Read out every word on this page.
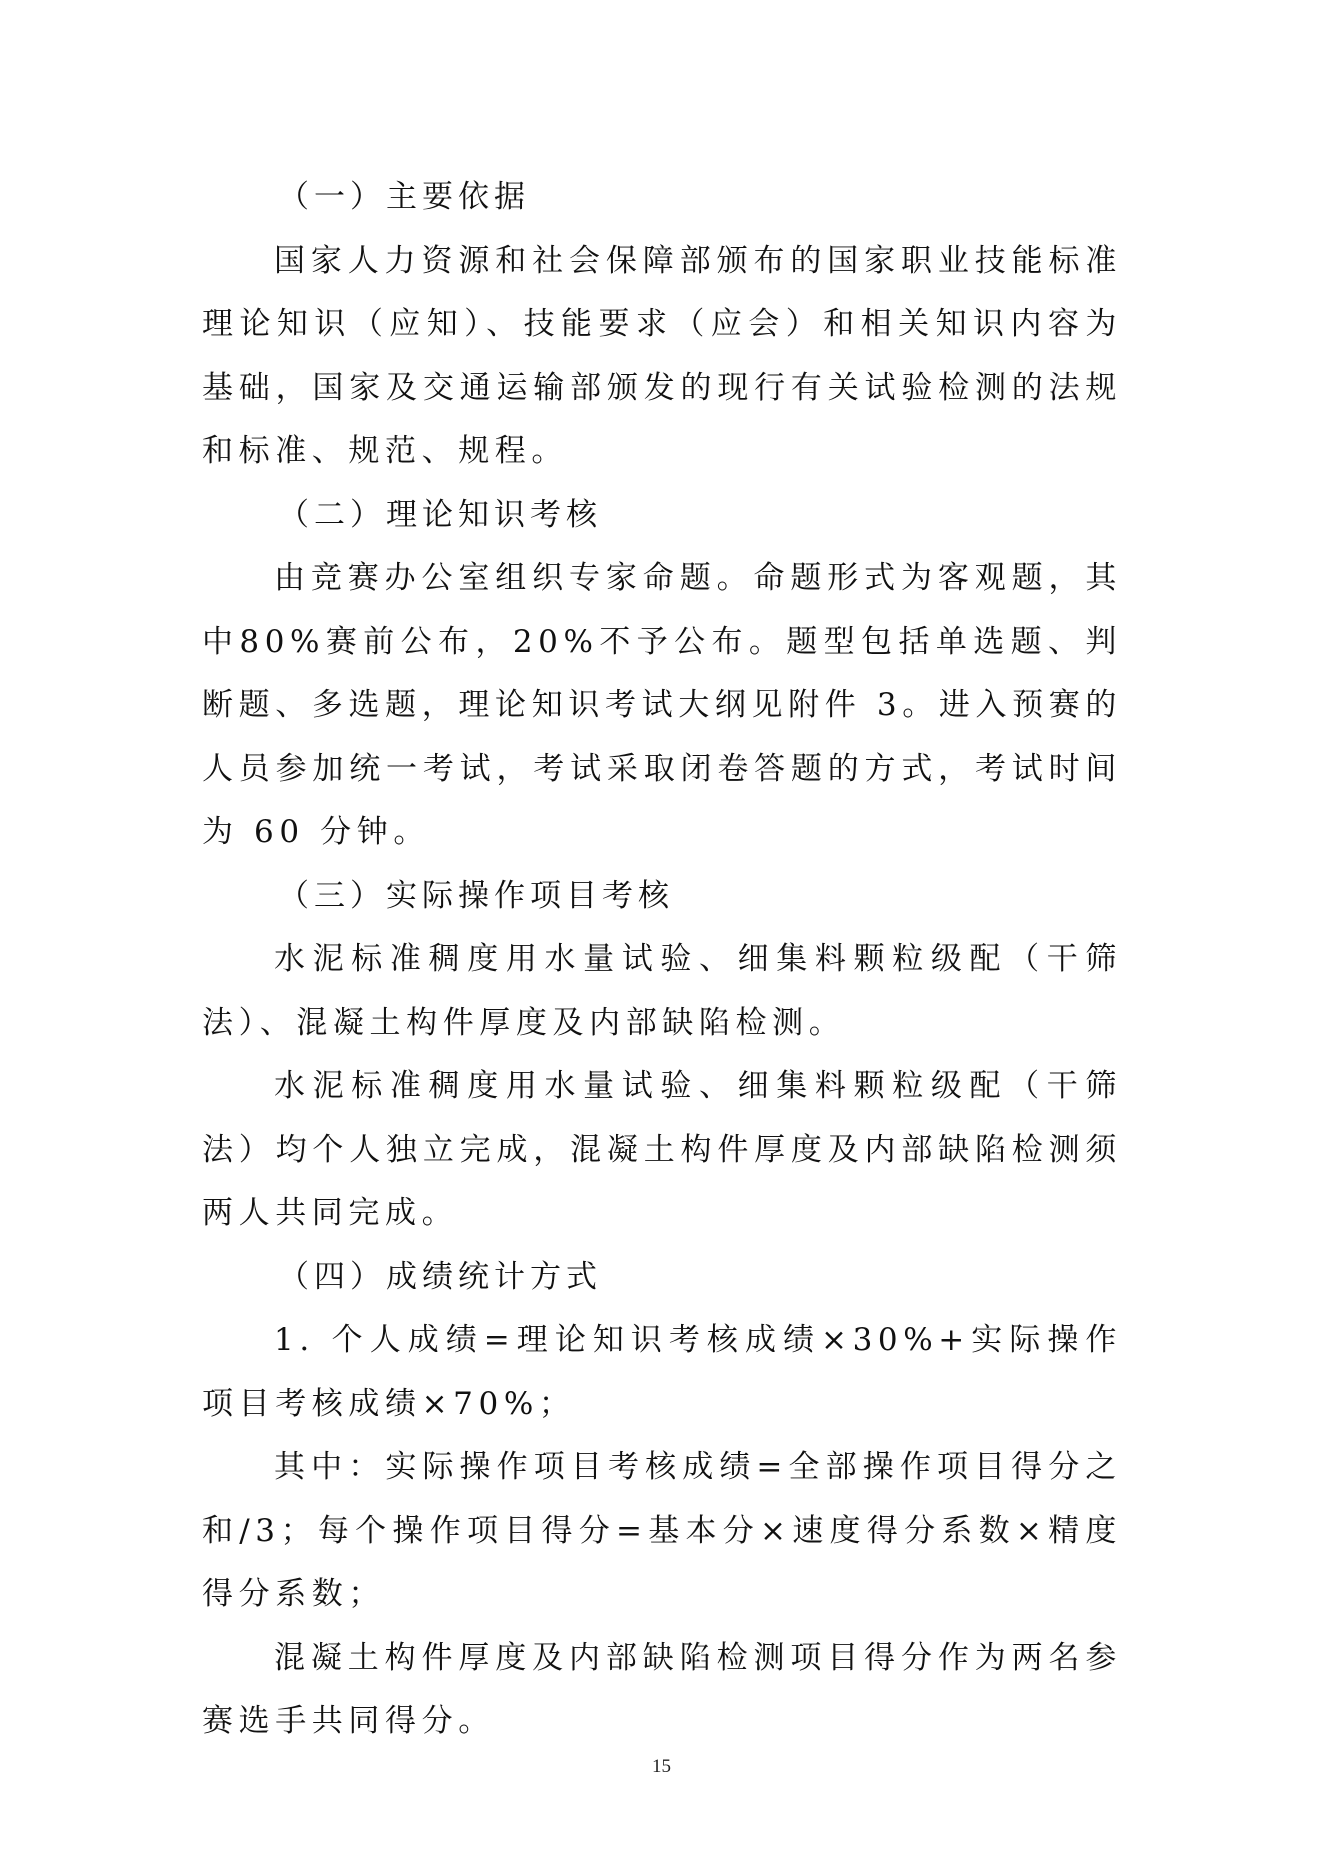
（一）主要依据

国家人力资源和社会保障部颁布的国家职业技能标准理论知识（应知）、技能要求（应会）和相关知识内容为基础，国家及交通运输部颁发的现行有关试验检测的法规和标准、规范、规程。

（二）理论知识考核

由竞赛办公室组织专家命题。命题形式为客观题，其中80%赛前公布，20%不予公布。题型包括单选题、判断题、多选题，理论知识考试大纲见附件 3。进入预赛的人员参加统一考试，考试采取闭卷答题的方式，考试时间为 60 分钟。

（三）实际操作项目考核

水泥标准稠度用水量试验、细集料颗粒级配（干筛法）、混凝土构件厚度及内部缺陷检测。

水泥标准稠度用水量试验、细集料颗粒级配（干筛法）均个人独立完成，混凝土构件厚度及内部缺陷检测须两人共同完成。

（四）成绩统计方式

1. 个人成绩=理论知识考核成绩×30%+实际操作项目考核成绩×70%；

其中：实际操作项目考核成绩=全部操作项目得分之和/3；每个操作项目得分=基本分×速度得分系数×精度得分系数；

混凝土构件厚度及内部缺陷检测项目得分作为两名参赛选手共同得分。

15
